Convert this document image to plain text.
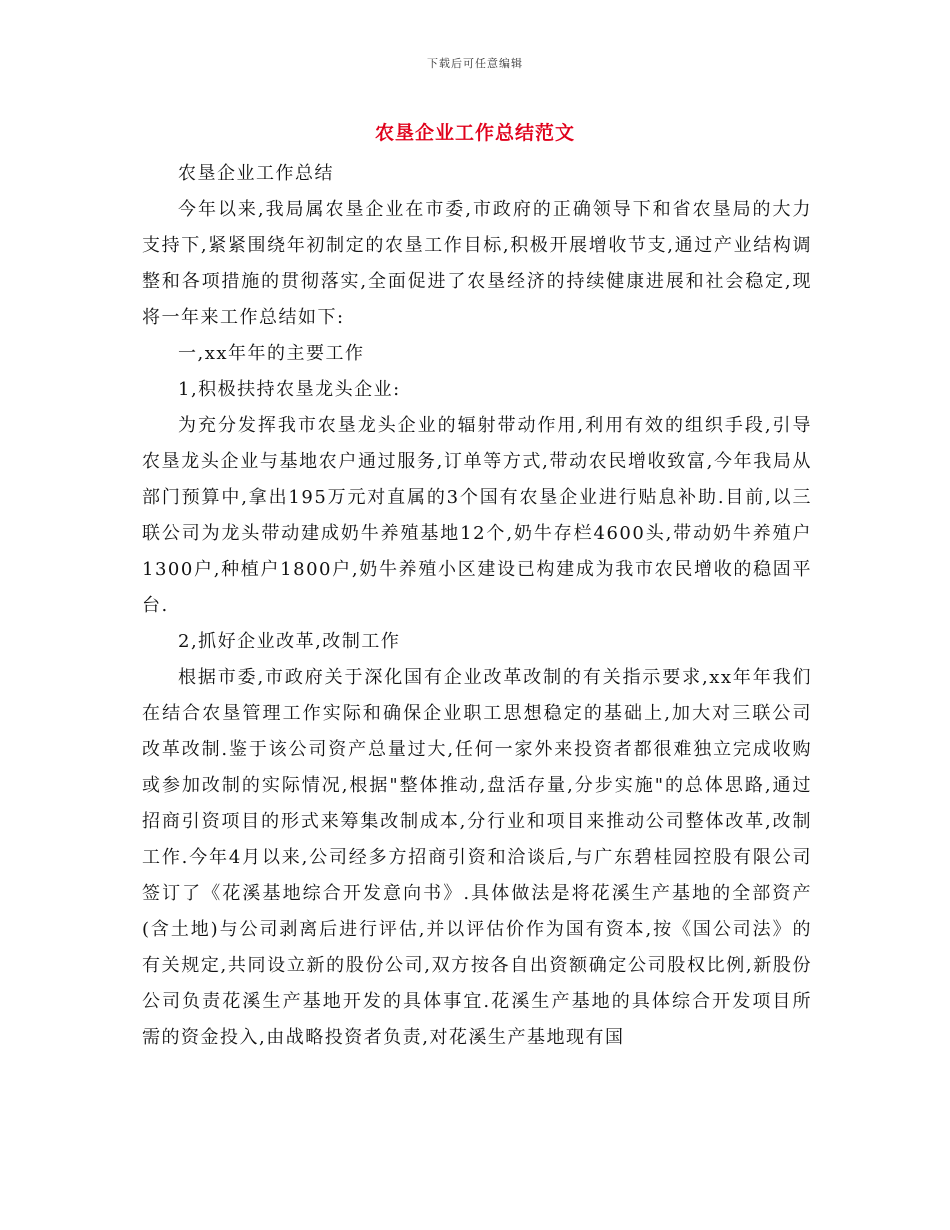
下载后可任意编辑
农垦企业工作总结范文

农垦企业工作总结

今年以来,我局属农垦企业在市委,市政府的正确领导下和省农垦局的大力支持下,紧紧围绕年初制定的农垦工作目标,积极开展增收节支,通过产业结构调整和各项措施的贯彻落实,全面促进了农垦经济的持续健康进展和社会稳定,现将一年来工作总结如下:

一,xx年年的主要工作

1,积极扶持农垦龙头企业:

为充分发挥我市农垦龙头企业的辐射带动作用,利用有效的组织手段,引导农垦龙头企业与基地农户通过服务,订单等方式,带动农民增收致富,今年我局从部门预算中,拿出195万元对直属的3个国有农垦企业进行贴息补助.目前,以三联公司为龙头带动建成奶牛养殖基地12个,奶牛存栏4600头,带动奶牛养殖户1300户,种植户1800户,奶牛养殖小区建设已构建成为我市农民增收的稳固平台.

2,抓好企业改革,改制工作

根据市委,市政府关于深化国有企业改革改制的有关指示要求,xx年年我们在结合农垦管理工作实际和确保企业职工思想稳定的基础上,加大对三联公司改革改制.鉴于该公司资产总量过大,任何一家外来投资者都很难独立完成收购或参加改制的实际情况,根据"整体推动,盘活存量,分步实施"的总体思路,通过招商引资项目的形式来筹集改制成本,分行业和项目来推动公司整体改革,改制工作.今年4月以来,公司经多方招商引资和洽谈后,与广东碧桂园控股有限公司签订了《花溪基地综合开发意向书》.具体做法是将花溪生产基地的全部资产(含土地)与公司剥离后进行评估,并以评估价作为国有资本,按《国公司法》的有关规定,共同设立新的股份公司,双方按各自出资额确定公司股权比例,新股份公司负责花溪生产基地开发的具体事宜.花溪生产基地的具体综合开发项目所需的资金投入,由战略投资者负责,对花溪生产基地现有国
